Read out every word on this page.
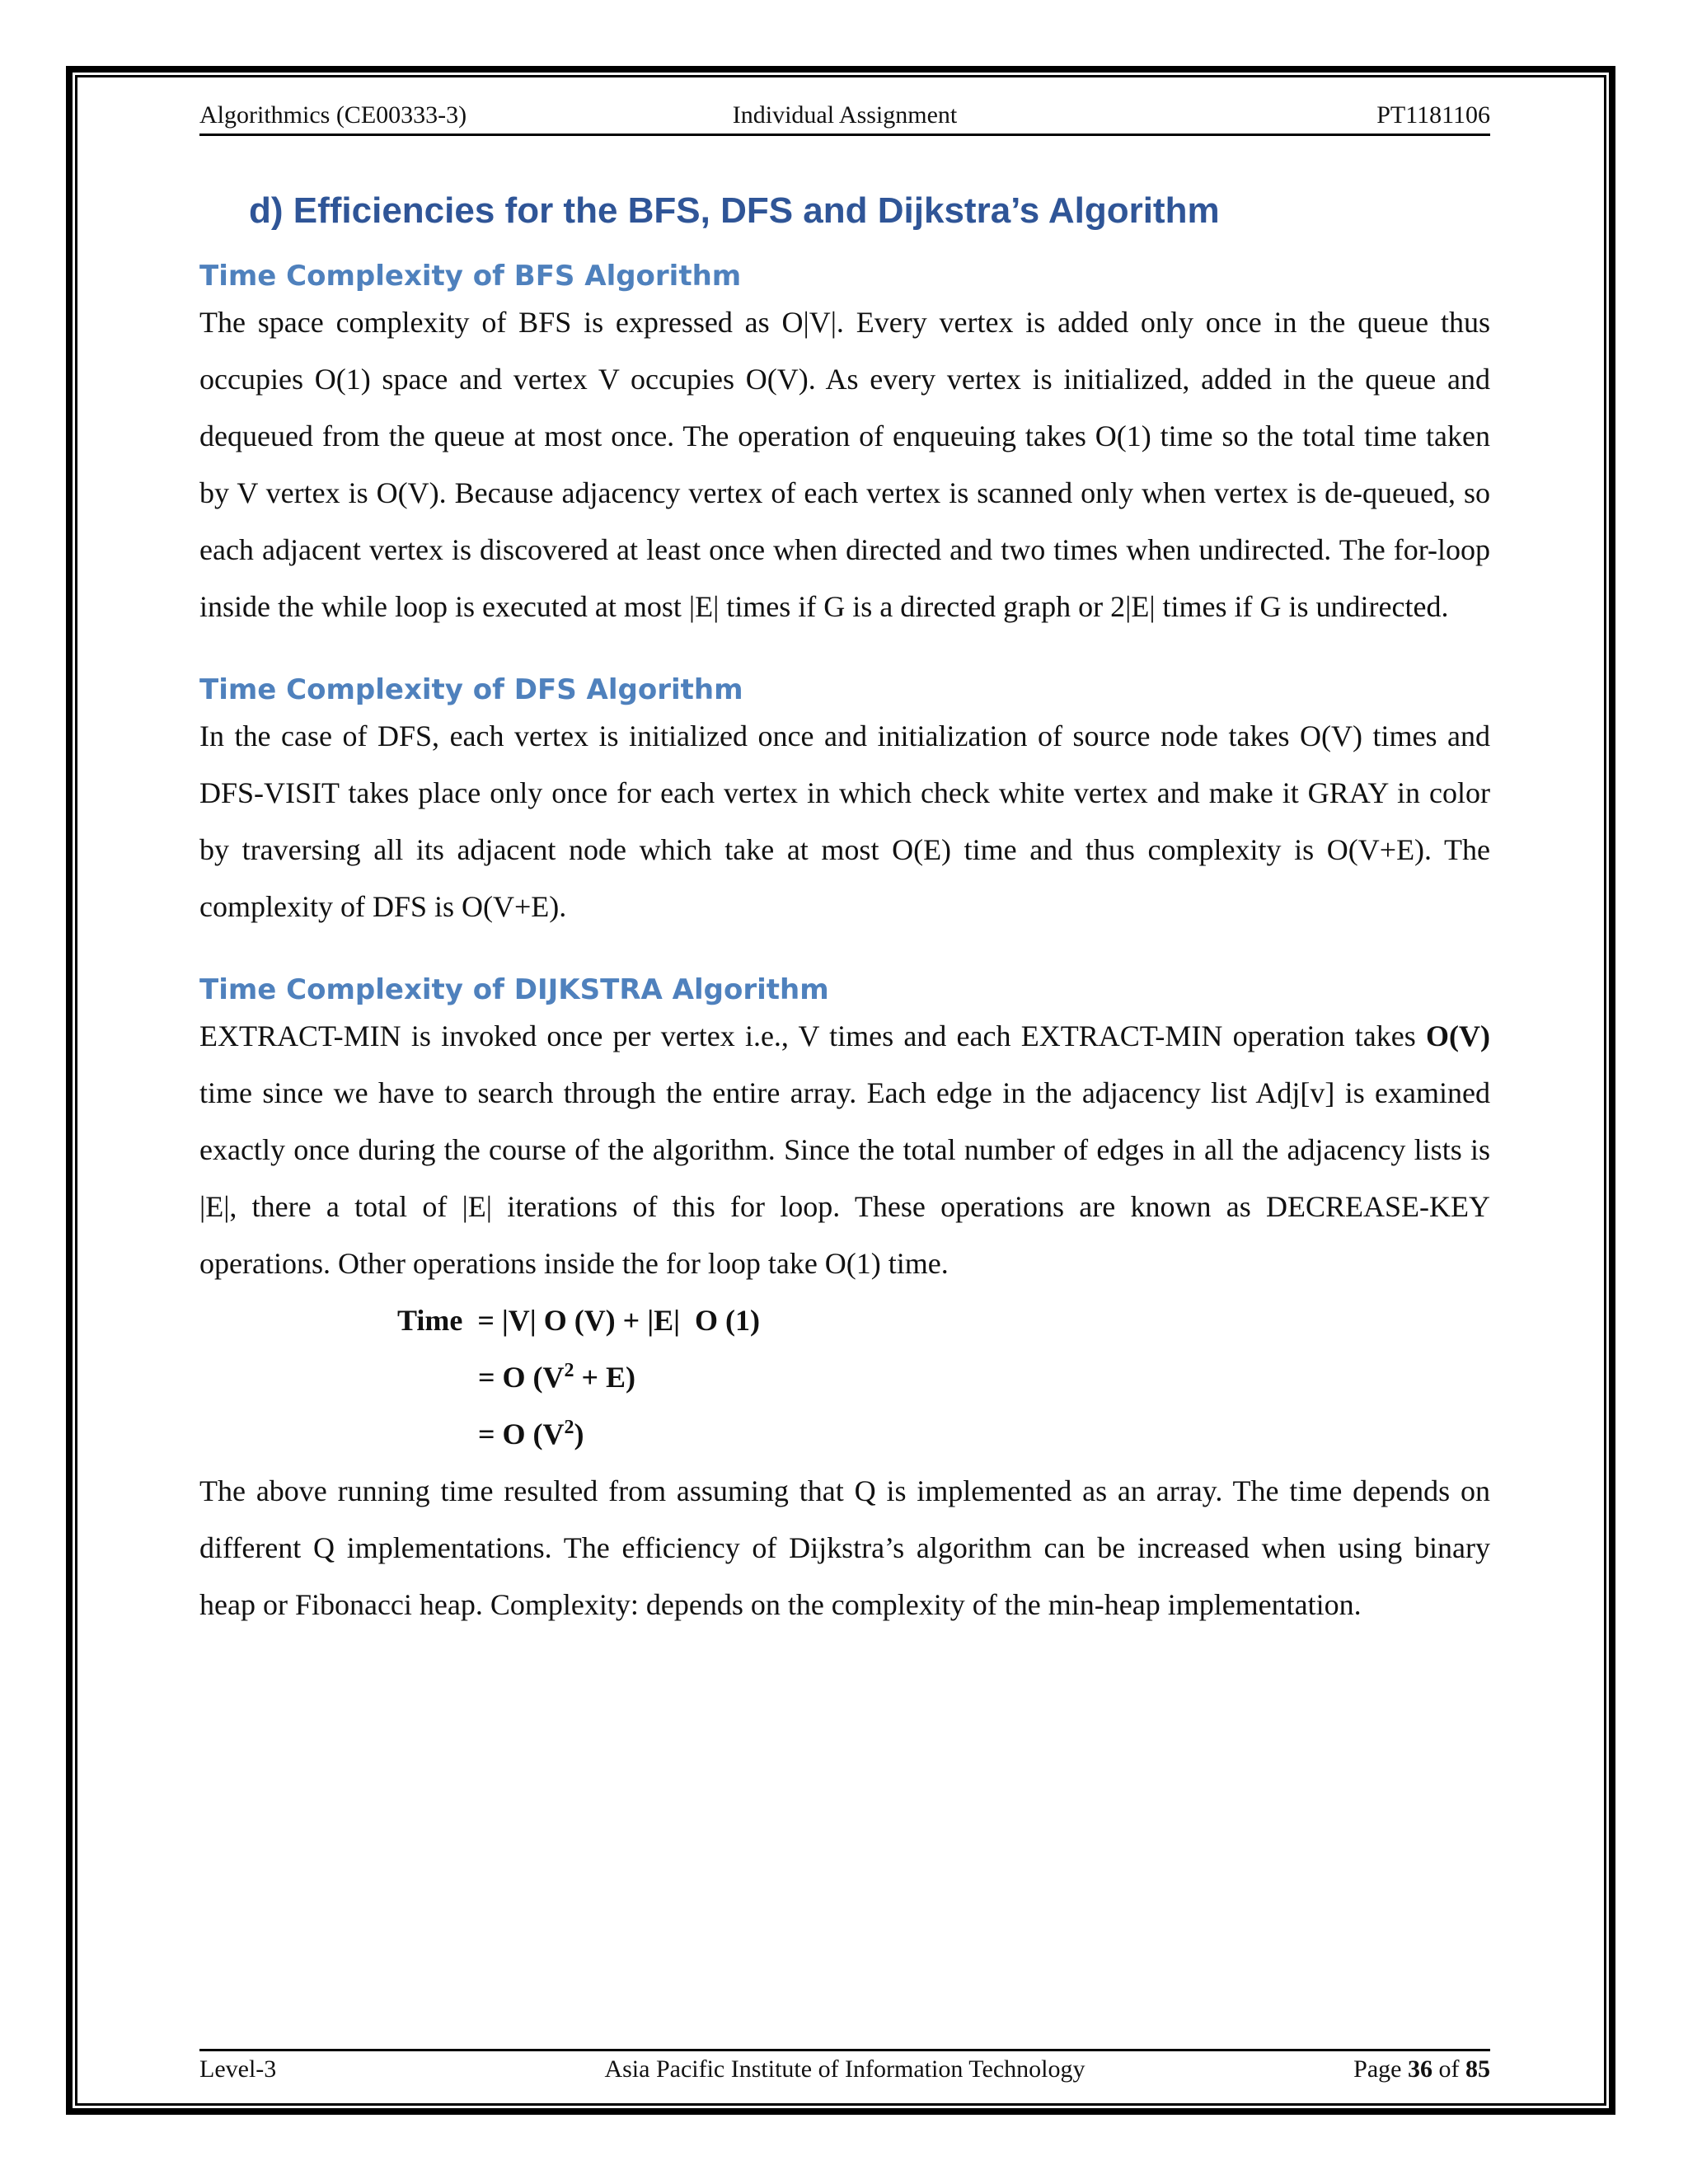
Algorithmics (CE00333-3)	Individual Assignment	PT1181106
d) Efficiencies for the BFS, DFS and Dijkstra’s Algorithm
Time Complexity of BFS Algorithm

The space complexity of BFS is expressed as O|V|. Every vertex is added only once in the queue thus occupies O(1) space and vertex V occupies O(V). As every vertex is initialized, added in the queue and dequeued from the queue at most once. The operation of enqueuing takes O(1) time so the total time taken by V vertex is O(V). Because adjacency vertex of each vertex is scanned only when vertex is de-queued, so each adjacent vertex is discovered at least once when directed and two times when undirected. The for-loop inside the while loop is executed at most |E| times if G is a directed graph or 2|E| times if G is undirected.

Time Complexity of DFS Algorithm

In the case of DFS, each vertex is initialized once and initialization of source node takes O(V) times and DFS-VISIT takes place only once for each vertex in which check white vertex and make it GRAY in color by traversing all its adjacent node which take at most O(E) time and thus complexity is O(V+E). The complexity of DFS is O(V+E).

Time Complexity of DIJKSTRA Algorithm

EXTRACT-MIN is invoked once per vertex i.e., V times and each EXTRACT-MIN operation takes O(V) time since we have to search through the entire array. Each edge in the adjacency list Adj[v] is examined exactly once during the course of the algorithm. Since the total number of edges in all the adjacency lists is |E|, there a total of |E| iterations of this for loop. These operations are known as DECREASE-KEY operations. Other operations inside the for loop take O(1) time.

Time  = |V| O (V) + |E|  O (1)
= O $(V^2 + E)$
= O $(V^2)$

The above running time resulted from assuming that Q is implemented as an array. The time depends on different Q implementations. The efficiency of Dijkstra’s algorithm can be increased when using binary heap or Fibonacci heap. Complexity: depends on the complexity of the min-heap implementation.

Level-3	Asia Pacific Institute of Information Technology	Page 36 of 85
